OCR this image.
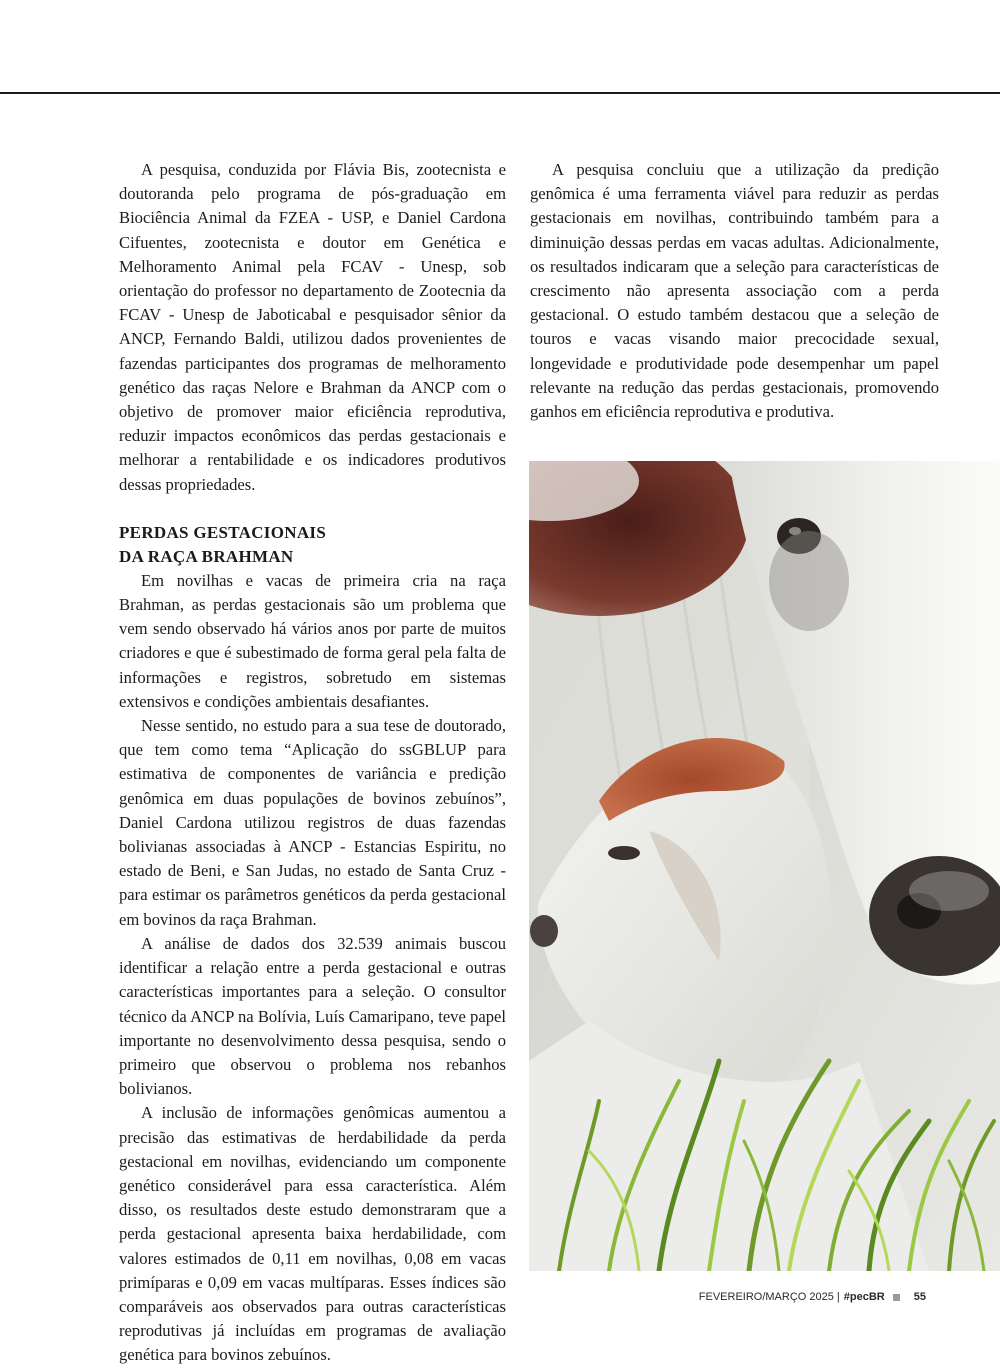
A pesquisa, conduzida por Flávia Bis, zootecnista e doutoranda pelo programa de pós-graduação em Biociência Animal da FZEA - USP, e Daniel Cardona Cifuentes, zootecnista e doutor em Genética e Melhoramento Animal pela FCAV - Unesp, sob orientação do professor no departamento de Zootecnia da FCAV - Unesp de Jaboticabal e pesquisador sênior da ANCP, Fernando Baldi, utilizou dados provenientes de fazendas participantes dos programas de melhoramento genético das raças Nelore e Brahman da ANCP com o objetivo de promover maior eficiência reprodutiva, reduzir impactos econômicos das perdas gestacionais e melhorar a rentabilidade e os indicadores produtivos dessas propriedades.

PERDAS GESTACIONAIS
DA RAÇA BRAHMAN

Em novilhas e vacas de primeira cria na raça Brahman, as perdas gestacionais são um problema que vem sendo observado há vários anos por parte de muitos criadores e que é subestimado de forma geral pela falta de informações e registros, sobretudo em sistemas extensivos e condições ambientais desafiantes.

Nesse sentido, no estudo para a sua tese de doutorado, que tem como tema “Aplicação do ssGBLUP para estimativa de componentes de variância e predição genômica em duas populações de bovinos zebuínos”, Daniel Cardona utilizou registros de duas fazendas bolivianas associadas à ANCP - Estancias Espiritu, no estado de Beni, e San Judas, no estado de Santa Cruz - para estimar os parâmetros genéticos da perda gestacional em bovinos da raça Brahman.

A análise de dados dos 32.539 animais buscou identificar a relação entre a perda gestacional e outras características importantes para a seleção. O consultor técnico da ANCP na Bolívia, Luís Camaripano, teve papel importante no desenvolvimento dessa pesquisa, sendo o primeiro que observou o problema nos rebanhos bolivianos.

A inclusão de informações genômicas aumentou a precisão das estimativas de herdabilidade da perda gestacional em novilhas, evidenciando um componente genético considerável para essa característica. Além disso, os resultados deste estudo demonstraram que a perda gestacional apresenta baixa herdabilidade, com valores estimados de 0,11 em novilhas, 0,08 em vacas primíparas e 0,09 em vacas multíparas. Esses índices são comparáveis aos observados para outras características reprodutivas já incluídas em programas de avaliação genética para bovinos zebuínos.

A pesquisa concluiu que a utilização da predição genômica é uma ferramenta viável para reduzir as perdas gestacionais em novilhas, contribuindo também para a diminuição dessas perdas em vacas adultas. Adicionalmente, os resultados indicaram que a seleção para características de crescimento não apresenta associação com a perda gestacional. O estudo também destacou que a seleção de touros e vacas visando maior precocidade sexual, longevidade e produtividade pode desempenhar um papel relevante na redução das perdas gestacionais, promovendo ganhos em eficiência reprodutiva e produtiva.

FEVEREIRO/MARÇO 2025 | #pecBR	55
